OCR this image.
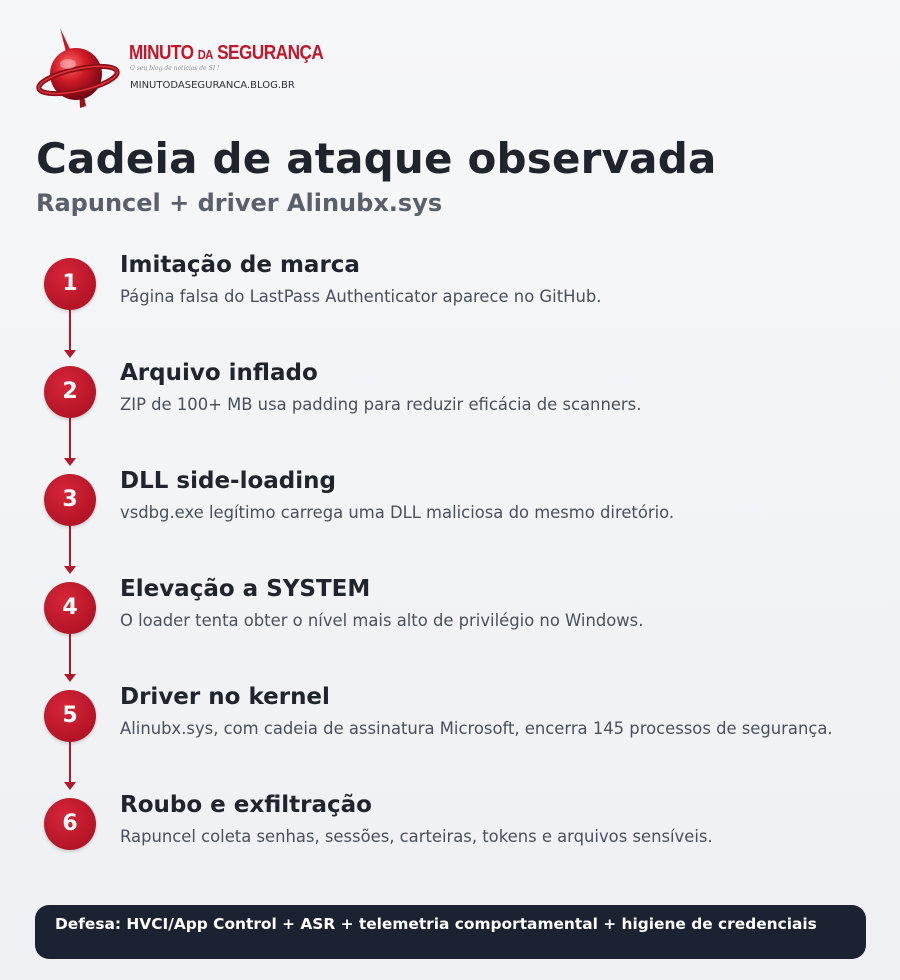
MINUTO DA SEGURANÇA
O seu blog de notícias de SI !
MINUTODASEGURANCA.BLOG.BR
Cadeia de ataque observada
Rapuncel + driver Alinubx.sys
1
Imitação de marca
Página falsa do LastPass Authenticator aparece no GitHub.
2
Arquivo inflado
ZIP de 100+ MB usa padding para reduzir eficácia de scanners.
3
DLL side-loading
vsdbg.exe legítimo carrega uma DLL maliciosa do mesmo diretório.
4
Elevação a SYSTEM
O loader tenta obter o nível mais alto de privilégio no Windows.
5
Driver no kernel
Alinubx.sys, com cadeia de assinatura Microsoft, encerra 145 processos de segurança.
6
Roubo e exfiltração
Rapuncel coleta senhas, sessões, carteiras, tokens e arquivos sensíveis.
Defesa: HVCI/App Control + ASR + telemetria comportamental + higiene de credenciais
